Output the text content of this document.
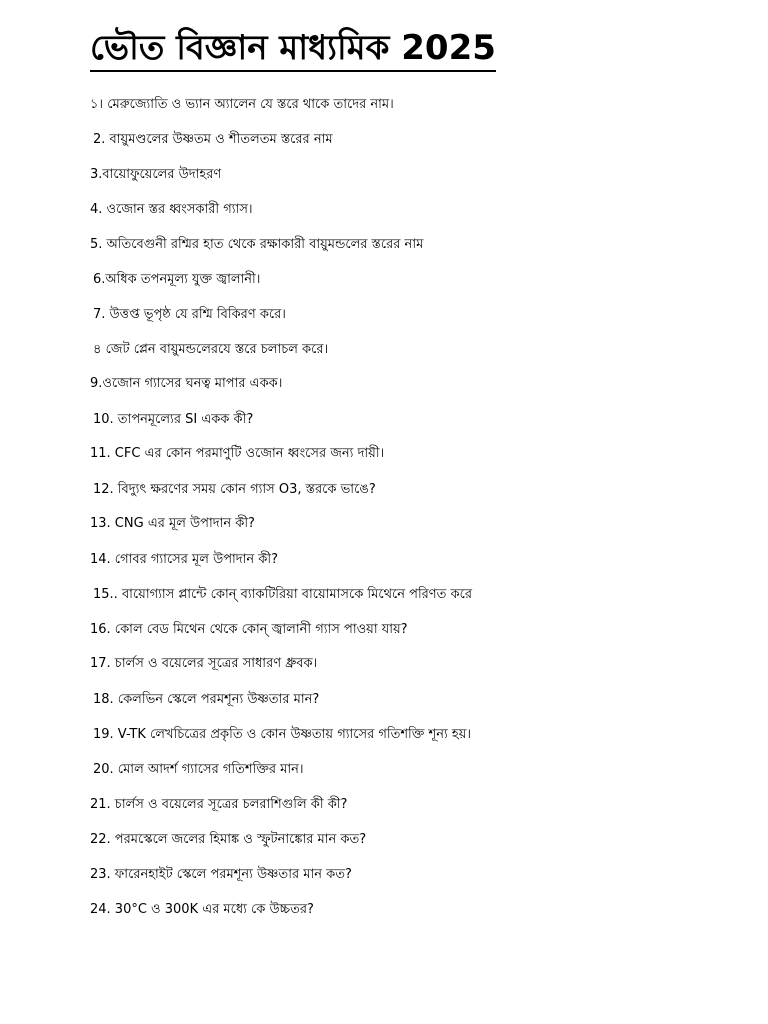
ভৌত বিজ্ঞান মাধ্যমিক 2025
১। মেরুজ্যোতি ও ভ্যান অ্যালেন যে স্তরে থাকে তাদের নাম।
2. বায়ুমণ্ডলের উষ্ণতম ও শীতলতম স্তরের নাম
3.বায়োফুয়েলের উদাহরণ
4. ওজোন স্তর ধ্বংসকারী গ্যাস।
5. অতিবেগুনী রশ্মির হাত থেকে রক্ষাকারী বায়ুমন্ডলের স্তরের নাম
6.অধিক তপনমূল্য যুক্ত জ্বালানী।
7. উত্তপ্ত ভূপৃষ্ঠ যে রশ্মি বিকিরণ করে।
৪ জেট প্লেন বায়ুমন্ডলেরযে স্তরে চলাচল করে।
9.ওজোন গ্যাসের ঘনত্ব মাপার একক।
10. তাপনমূল্যের SI একক কী?
11. CFC এর কোন পরমাণুটি ওজোন ধ্বংসের জন্য দায়ী।
12. বিদ্যুৎ ক্ষরণের সময় কোন গ্যাস O3, স্তরকে ভাঙে?
13. CNG এর মূল উপাদান কী?
14. গোবর গ্যাসের মূল উপাদান কী?
15.. বায়োগ্যাস প্লান্টে কোন্ ব্যাকটিরিয়া বায়োমাসকে মিথেনে পরিণত করে
16. কোল বেড মিথেন থেকে কোন্ জ্বালানী গ্যাস পাওয়া যায়?
17. চার্লস ও বয়েলের সূত্রের সাধারণ ধ্রুবক।
18. কেলভিন স্কেলে পরমশূন্য উষ্ণতার মান?
19. V-TK লেখচিত্রের প্রকৃতি ও কোন উষ্ণতায় গ্যাসের গতিশক্তি শূন্য হয়।
20. মোল আদর্শ গ্যাসের গতিশক্তির মান।
21. চার্লস ও বয়েলের সূত্রের চলরাশিগুলি কী কী?
22. পরমস্কেলে জলের হিমাঙ্ক ও স্ফুটনাঙ্কোর মান কত?
23. ফারেনহাইট স্কেলে পরমশূন্য উষ্ণতার মান কত?
24. 30°C ও 300K এর মধ্যে কে উচ্চতর?
